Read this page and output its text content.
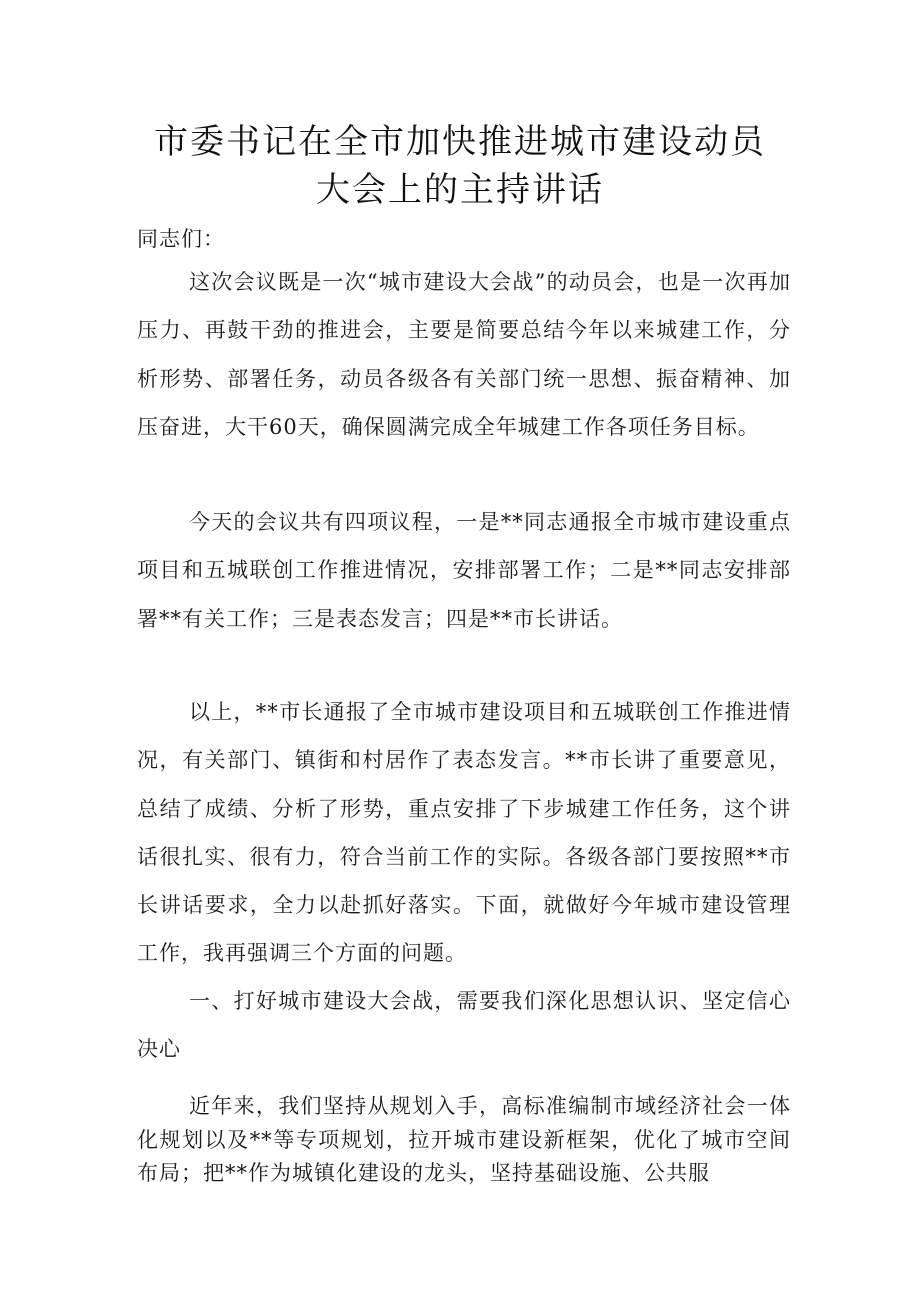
市委书记在全市加快推进城市建设动员
大会上的主持讲话
同志们：
这次会议既是一次“城市建设大会战”的动员会，也是一次再加压力、再鼓干劲的推进会，主要是简要总结今年以来城建工作，分析形势、部署任务，动员各级各有关部门统一思想、振奋精神、加压奋进，大干60天，确保圆满完成全年城建工作各项任务目标。
今天的会议共有四项议程，一是**同志通报全市城市建设重点项目和五城联创工作推进情况，安排部署工作；二是**同志安排部署**有关工作；三是表态发言；四是**市长讲话。
以上，**市长通报了全市城市建设项目和五城联创工作推进情况，有关部门、镇街和村居作了表态发言。**市长讲了重要意见，总结了成绩、分析了形势，重点安排了下步城建工作任务，这个讲话很扎实、很有力，符合当前工作的实际。各级各部门要按照**市长讲话要求，全力以赴抓好落实。下面，就做好今年城市建设管理工作，我再强调三个方面的问题。
一、打好城市建设大会战，需要我们深化思想认识、坚定信心决心
近年来，我们坚持从规划入手，高标准编制市域经济社会一体化规划以及**等专项规划，拉开城市建设新框架，优化了城市空间布局；把**作为城镇化建设的龙头，坚持基础设施、公共服
